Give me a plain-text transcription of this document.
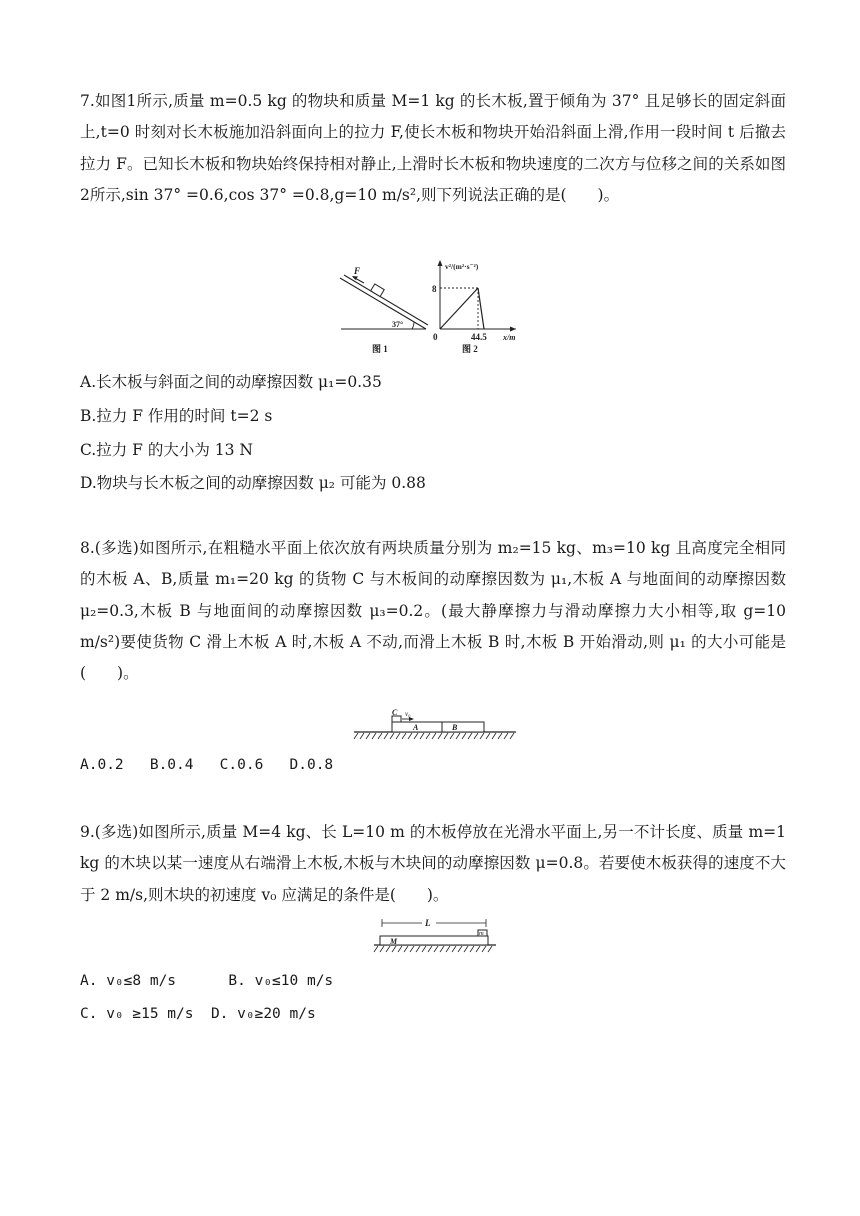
7.如图1所示,质量 m=0.5 kg 的物块和质量 M=1 kg 的长木板,置于倾角为 37° 且足够长的固定斜面上,t=0 时刻对长木板施加沿斜面向上的拉力 F,使长木板和物块开始沿斜面上滑,作用一段时间 t 后撤去拉力 F。已知长木板和物块始终保持相对静止,上滑时长木板和物块速度的二次方与位移之间的关系如图2所示,sin 37° =0.6,cos 37° =0.8,g=10 m/s²,则下列说法正确的是(　　)。
F
37°
图 1
v²/(m²·s⁻²)
8
0	44.5 x/m
图 2
A.长木板与斜面之间的动摩擦因数 μ₁=0.35
B.拉力 F 作用的时间 t=2 s
C.拉力 F 的大小为 13 N
D.物块与长木板之间的动摩擦因数 μ₂ 可能为 0.88
8.(多选)如图所示,在粗糙水平面上依次放有两块质量分别为 m₂=15 kg、m₃=10 kg 且高度完全相同的木板 A、B,质量 m₁=20 kg 的货物 C 与木板间的动摩擦因数为 μ₁,木板 A 与地面间的动摩擦因数 μ₂=0.3,木板 B 与地面间的动摩擦因数 μ₃=0.2。(最大静摩擦力与滑动摩擦力大小相等,取 g=10 m/s²)要使货物 C 滑上木板 A 时,木板 A 不动,而滑上木板 B 时,木板 B 开始滑动,则 μ₁ 的大小可能是(　　)。
C v₀
A	B
A.0.2   B.0.4   C.0.6   D.0.8
9.(多选)如图所示,质量 M=4 kg、长 L=10 m 的木板停放在光滑水平面上,另一不计长度、质量 m=1 kg 的木块以某一速度从右端滑上木板,木板与木块间的动摩擦因数 μ=0.8。若要使木板获得的速度不大于 2 m/s,则木块的初速度 v₀ 应满足的条件是(　　)。
L
M
m
A. v₀≤8 m/s      B. v₀≤10 m/s
C. v₀ ≥15 m/s  D. v₀≥20 m/s
